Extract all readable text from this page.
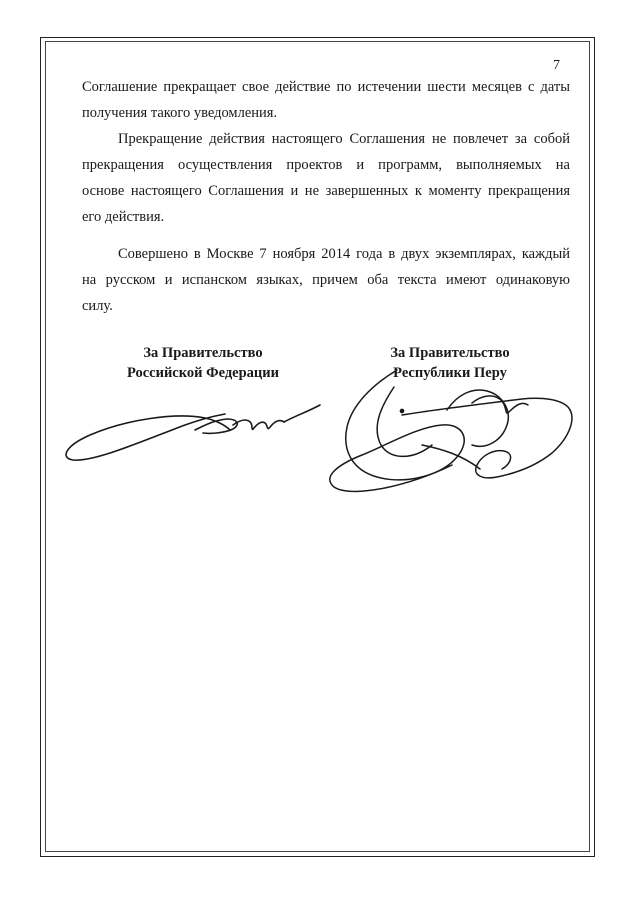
7
Соглашение прекращает свое действие по истечении шести месяцев с даты
получения такого уведомления.
Прекращение действия настоящего Соглашения не повлечет за собой
прекращения осуществления проектов и программ, выполняемых на
основе настоящего Соглашения и не завершенных к моменту прекращения
его действия.
Совершено в Москве 7 ноября 2014 года в двух экземплярах, каждый
на русском и испанском языках, причем оба текста имеют одинаковую
силу.
За Правительство
Российской Федерации
За Правительство
Республики Перу
